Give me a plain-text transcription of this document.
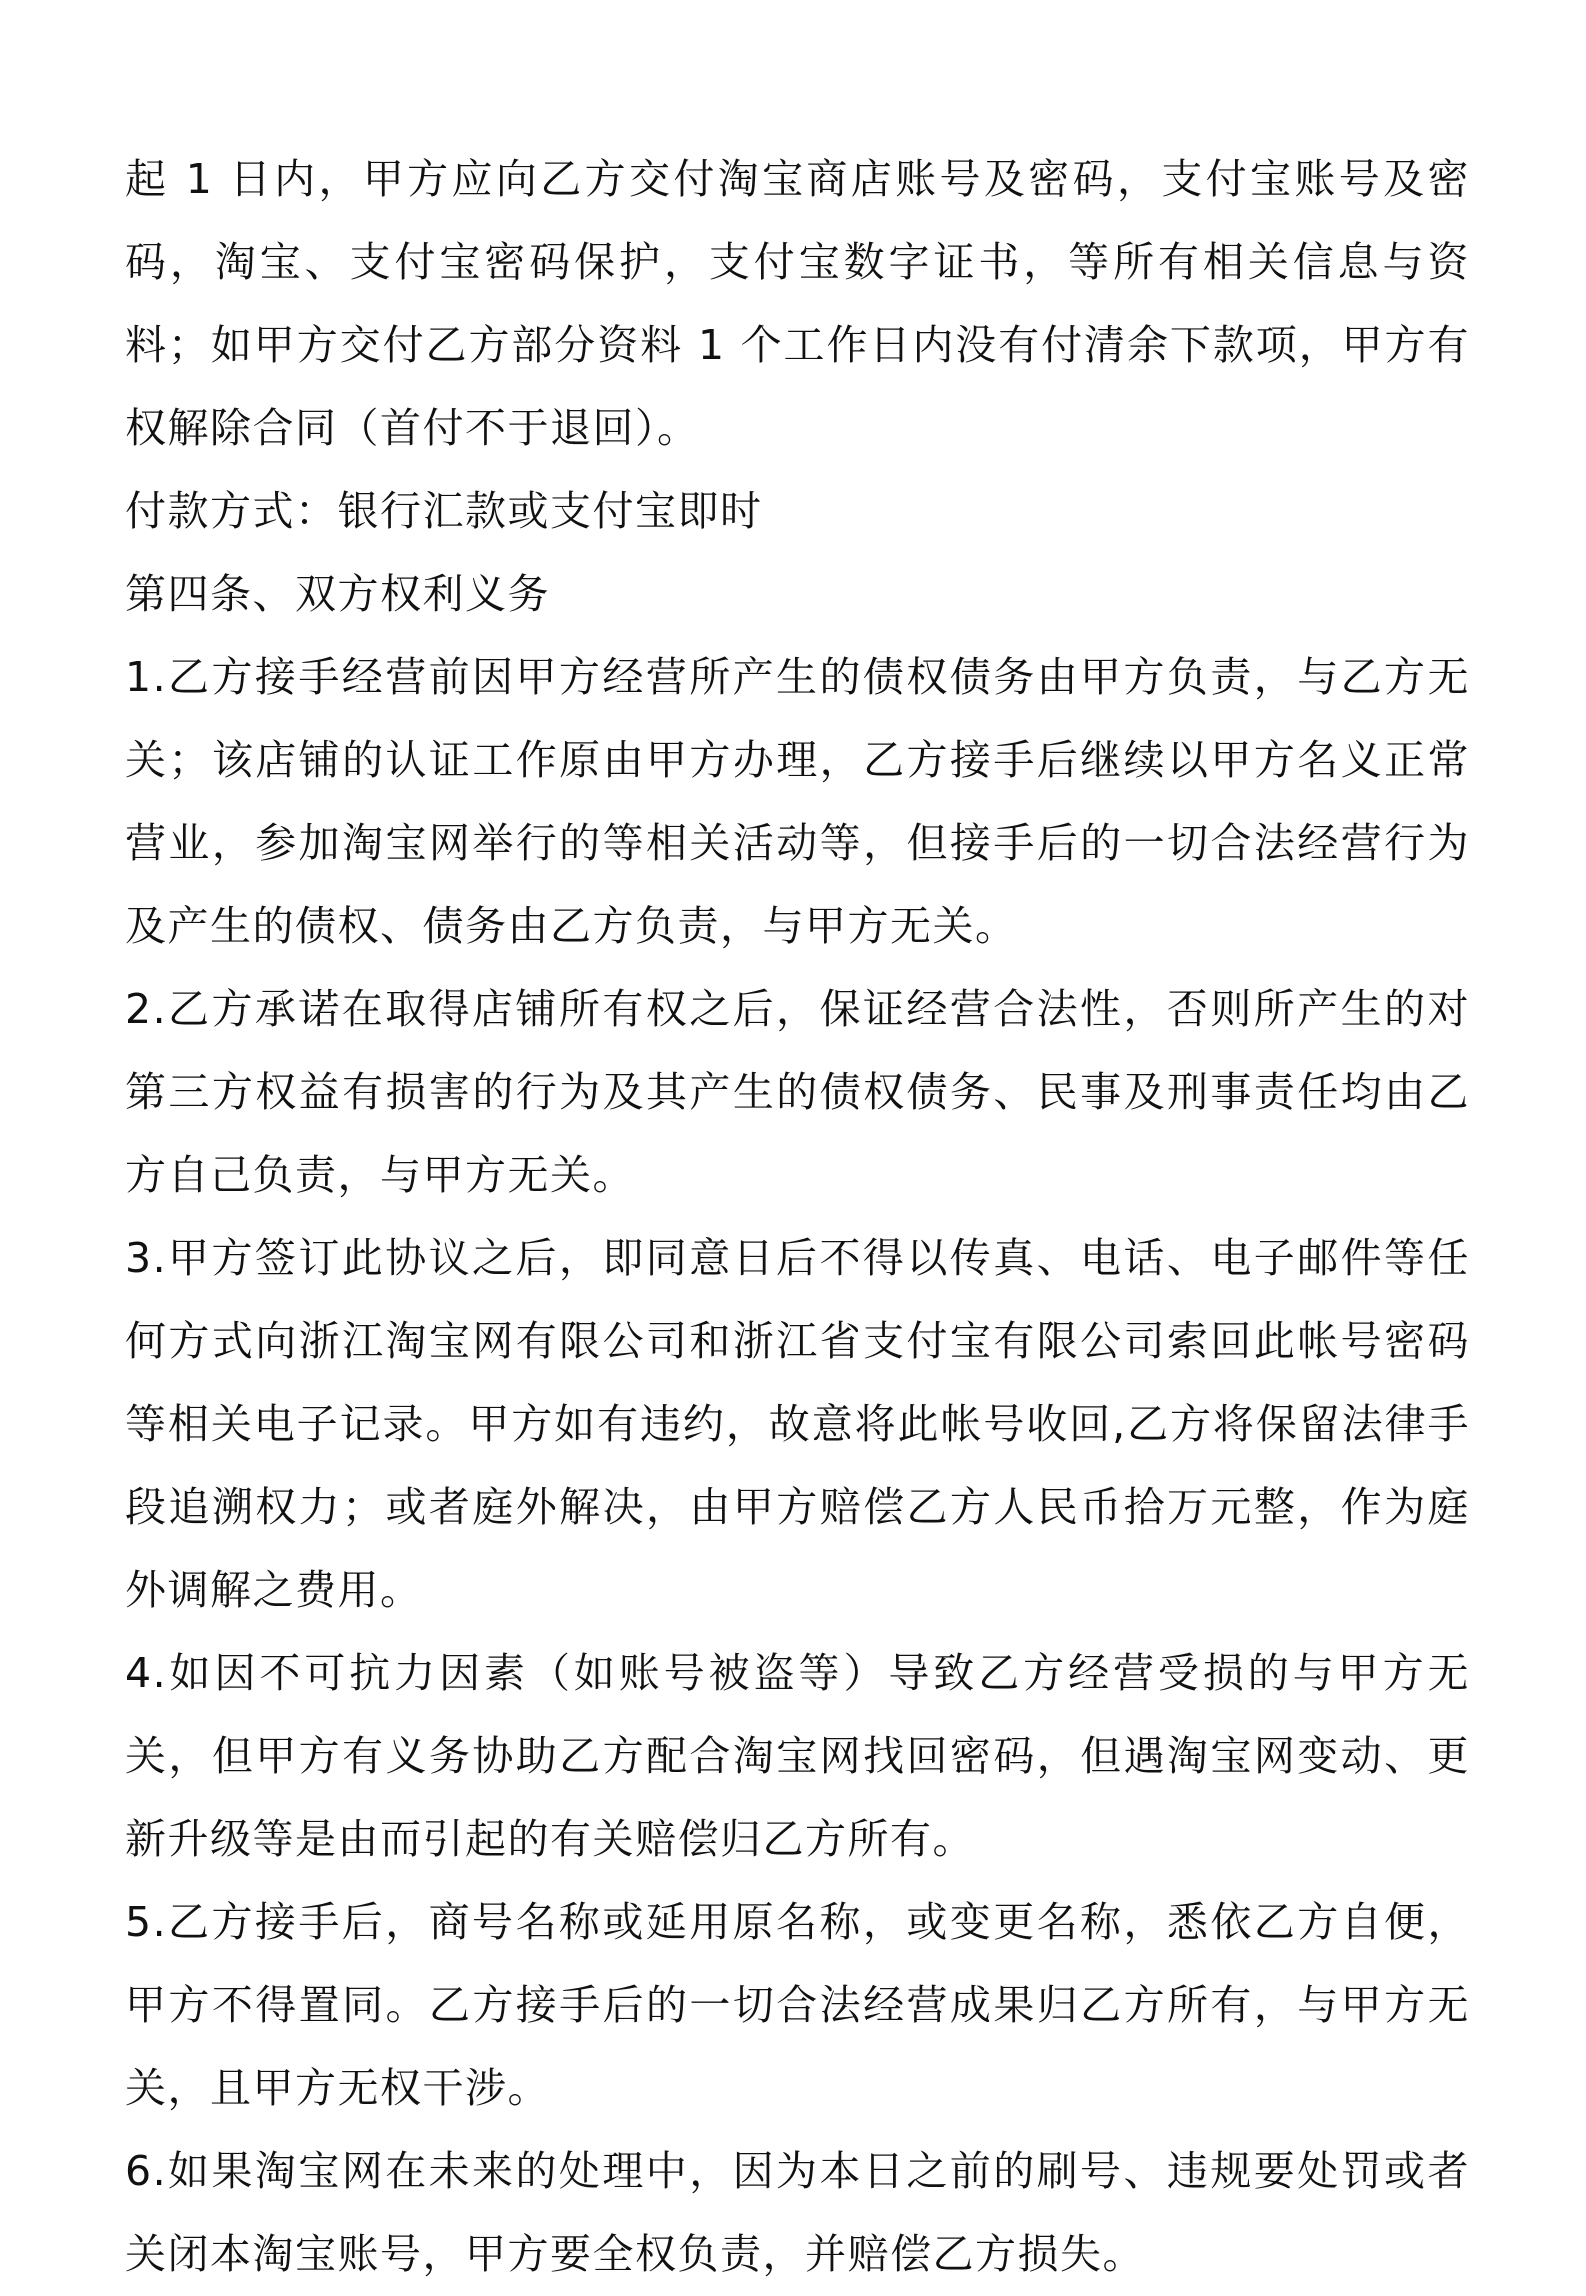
起 1 日内，甲方应向乙方交付淘宝商店账号及密码，支付宝账号及密码，淘宝、支付宝密码保护，支付宝数字证书，等所有相关信息与资料；如甲方交付乙方部分资料 1 个工作日内没有付清余下款项，甲方有权解除合同（首付不于退回）。

付款方式：银行汇款或支付宝即时

第四条、双方权利义务

1.乙方接手经营前因甲方经营所产生的债权债务由甲方负责，与乙方无关；该店铺的认证工作原由甲方办理，乙方接手后继续以甲方名义正常营业，参加淘宝网举行的等相关活动等，但接手后的一切合法经营行为及产生的债权、债务由乙方负责，与甲方无关。

2.乙方承诺在取得店铺所有权之后，保证经营合法性，否则所产生的对第三方权益有损害的行为及其产生的债权债务、民事及刑事责任均由乙方自己负责，与甲方无关。

3.甲方签订此协议之后，即同意日后不得以传真、电话、电子邮件等任何方式向浙江淘宝网有限公司和浙江省支付宝有限公司索回此帐号密码等相关电子记录。甲方如有违约，故意将此帐号收回,乙方将保留法律手段追溯权力；或者庭外解决，由甲方赔偿乙方人民币拾万元整，作为庭外调解之费用。

4.如因不可抗力因素（如账号被盗等）导致乙方经营受损的与甲方无关，但甲方有义务协助乙方配合淘宝网找回密码，但遇淘宝网变动、更新升级等是由而引起的有关赔偿归乙方所有。

5.乙方接手后，商号名称或延用原名称，或变更名称，悉依乙方自便，甲方不得置同。乙方接手后的一切合法经营成果归乙方所有，与甲方无关，且甲方无权干涉。

6.如果淘宝网在未来的处理中，因为本日之前的刷号、违规要处罚或者关闭本淘宝账号，甲方要全权负责，并赔偿乙方损失。
